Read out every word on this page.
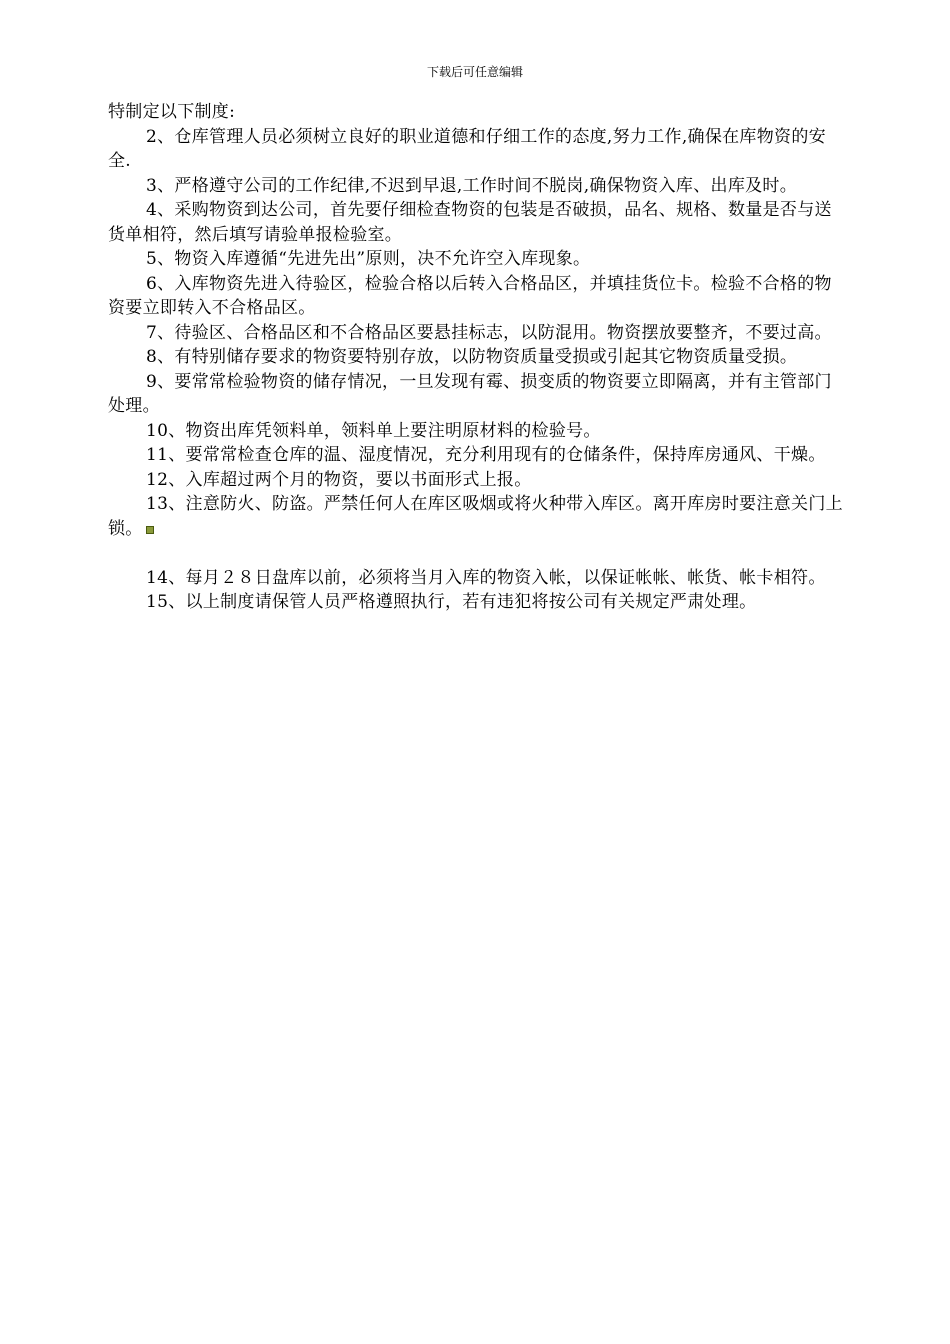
下载后可任意编辑

特制定以下制度:

2、仓库管理人员必须树立良好的职业道德和仔细工作的态度,努力工作,确保在库物资的安全.

3、严格遵守公司的工作纪律,不迟到早退,工作时间不脱岗,确保物资入库、出库及时。

4、采购物资到达公司，首先要仔细检查物资的包装是否破损，品名、规格、数量是否与送货单相符，然后填写请验单报检验室。

5、物资入库遵循“先进先出”原则，决不允许空入库现象。

6、入库物资先进入待验区，检验合格以后转入合格品区，并填挂货位卡。检验不合格的物资要立即转入不合格品区。

7、待验区、合格品区和不合格品区要悬挂标志，以防混用。物资摆放要整齐，不要过高。

8、有特别储存要求的物资要特别存放，以防物资质量受损或引起其它物资质量受损。

9、要常常检验物资的储存情况，一旦发现有霉、损变质的物资要立即隔离，并有主管部门处理。

10、物资出库凭领料单，领料单上要注明原材料的检验号。

11、要常常检查仓库的温、湿度情况，充分利用现有的仓储条件，保持库房通风、干燥。

12、入库超过两个月的物资，要以书面形式上报。

13、注意防火、防盗。严禁任何人在库区吸烟或将火种带入库区。离开库房时要注意关门上锁。

14、每月２８日盘库以前，必须将当月入库的物资入帐，以保证帐帐、帐货、帐卡相符。

15、以上制度请保管人员严格遵照执行，若有违犯将按公司有关规定严肃处理。
